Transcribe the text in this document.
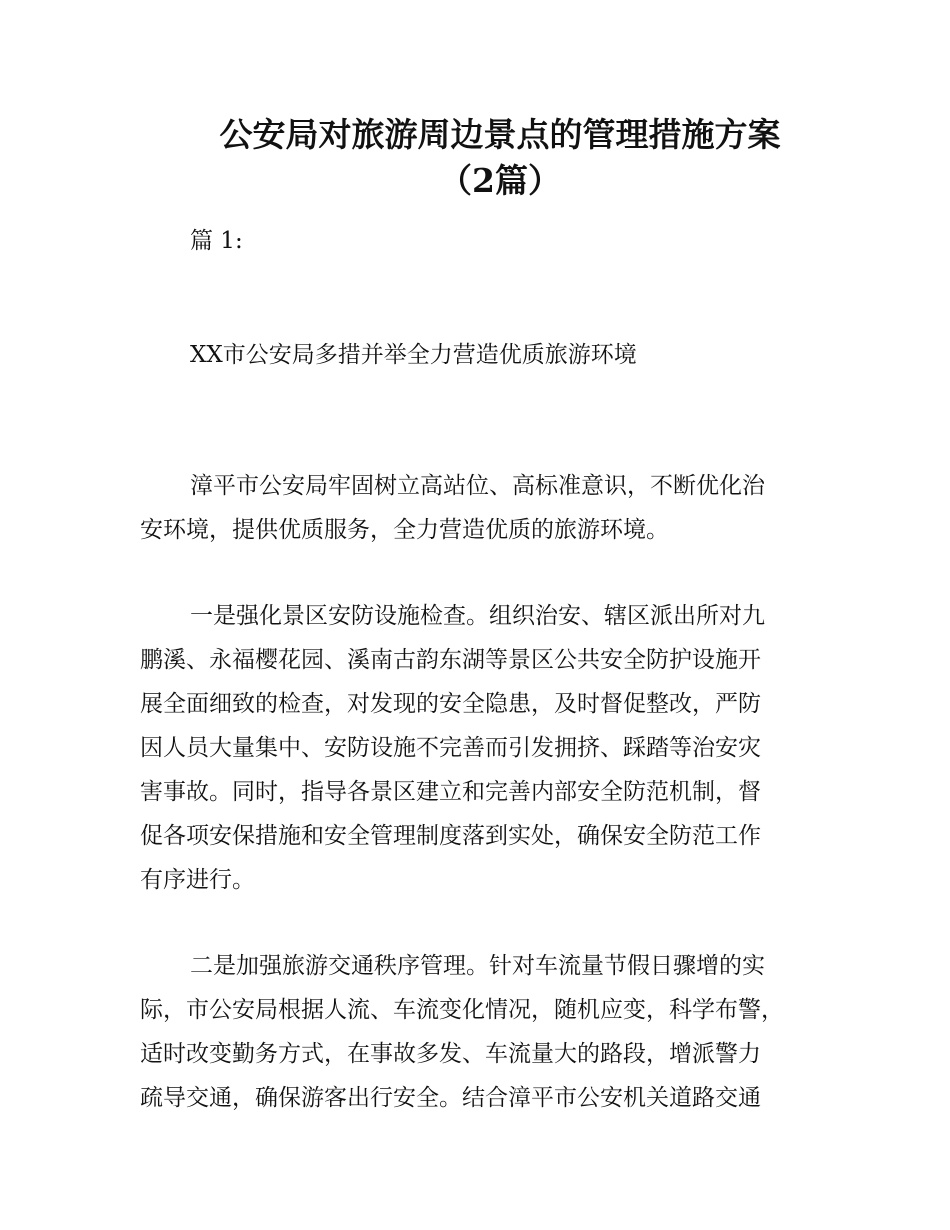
公安局对旅游周边景点的管理措施方案
（2篇）

篇 1:

XX市公安局多措并举全力营造优质旅游环境

漳平市公安局牢固树立高站位、高标准意识，不断优化治
安环境，提供优质服务，全力营造优质的旅游环境。
一是强化景区安防设施检查。组织治安、辖区派出所对九
鹏溪、永福樱花园、溪南古韵东湖等景区公共安全防护设施开
展全面细致的检查，对发现的安全隐患，及时督促整改，严防
因人员大量集中、安防设施不完善而引发拥挤、踩踏等治安灾
害事故。同时，指导各景区建立和完善内部安全防范机制，督
促各项安保措施和安全管理制度落到实处，确保安全防范工作
有序进行。
二是加强旅游交通秩序管理。针对车流量节假日骤增的实
际，市公安局根据人流、车流变化情况，随机应变，科学布警，
适时改变勤务方式，在事故多发、车流量大的路段，增派警力
疏导交通，确保游客出行安全。结合漳平市公安机关道路交通
